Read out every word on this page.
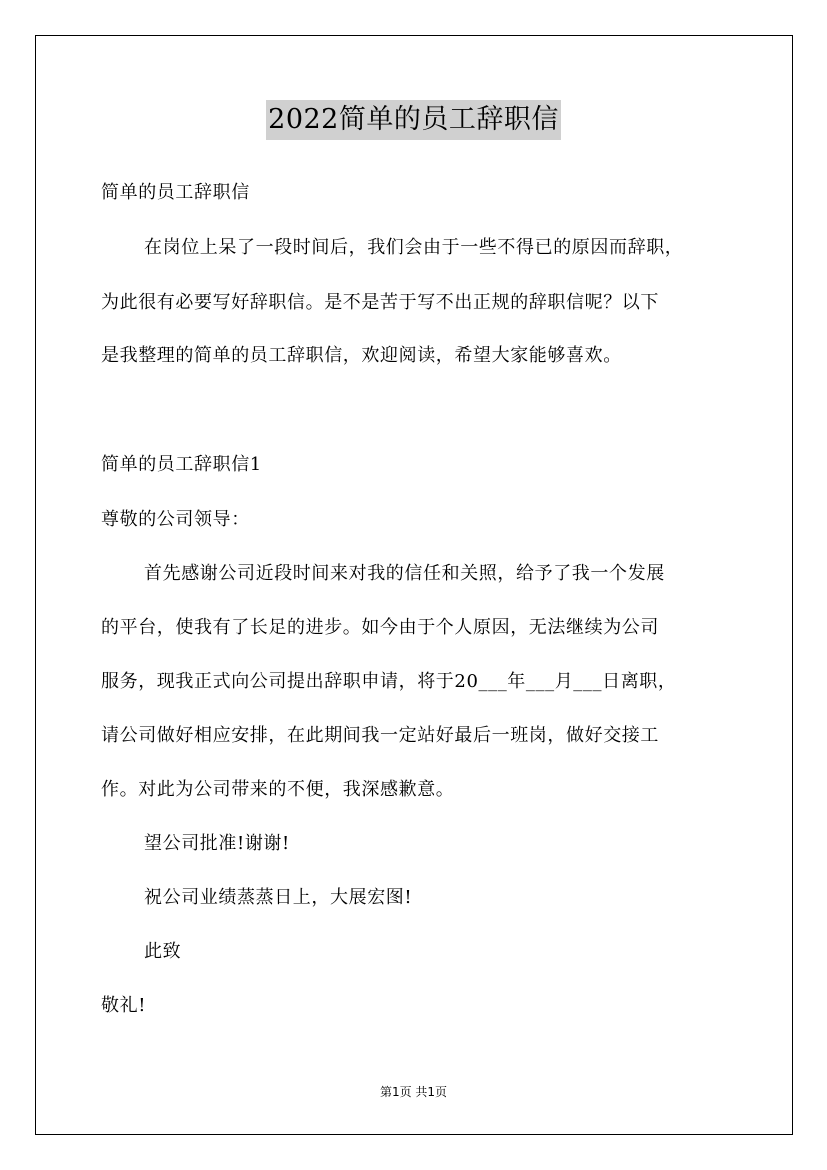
2022简单的员工辞职信
简单的员工辞职信
在岗位上呆了一段时间后，我们会由于一些不得已的原因而辞职，
为此很有必要写好辞职信。是不是苦于写不出正规的辞职信呢？以下
是我整理的简单的员工辞职信，欢迎阅读，希望大家能够喜欢。
简单的员工辞职信1
尊敬的公司领导：
首先感谢公司近段时间来对我的信任和关照，给予了我一个发展
的平台，使我有了长足的进步。如今由于个人原因，无法继续为公司
服务，现我正式向公司提出辞职申请，将于20___年___月___日离职，
请公司做好相应安排，在此期间我一定站好最后一班岗，做好交接工
作。对此为公司带来的不便，我深感歉意。
望公司批准!谢谢!
祝公司业绩蒸蒸日上，大展宏图!
此致
敬礼!
第1页 共1页
